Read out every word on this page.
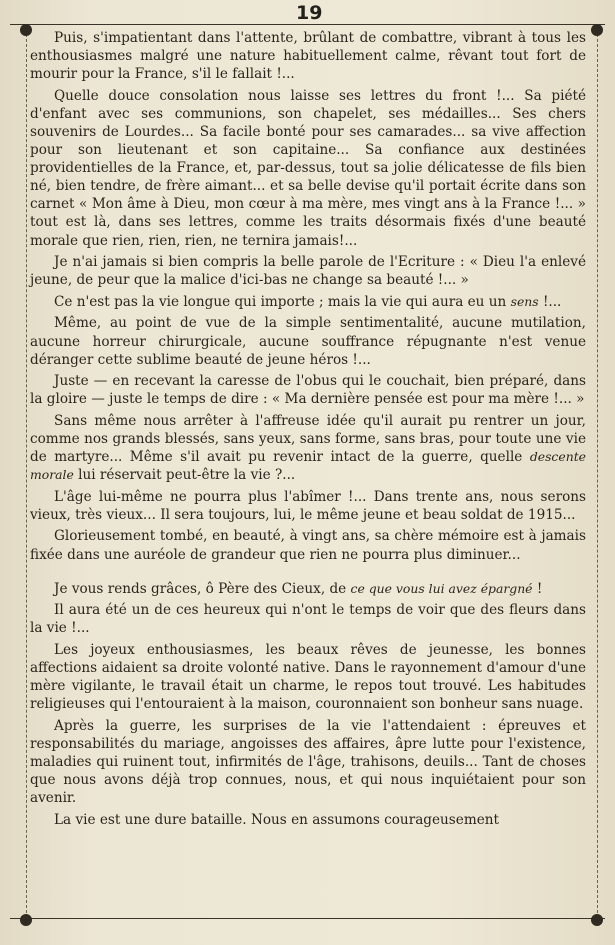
19

Puis, s'impatientant dans l'attente, brûlant de combattre, vibrant à tous les enthousiasmes malgré une nature habituellement calme, rêvant tout fort de mourir pour la France, s'il le fallait !...

Quelle douce consolation nous laisse ses lettres du front !... Sa piété d'enfant avec ses communions, son chapelet, ses médailles... Ses chers souvenirs de Lourdes... Sa facile bonté pour ses camarades... sa vive affection pour son lieutenant et son capitaine... Sa confiance aux destinées providentielles de la France, et, par-dessus, tout sa jolie délicatesse de fils bien né, bien tendre, de frère aimant... et sa belle devise qu'il portait écrite dans son carnet « Mon âme à Dieu, mon cœur à ma mère, mes vingt ans à la France !... » tout est là, dans ses lettres, comme les traits désormais fixés d'une beauté morale que rien, rien, rien, ne ternira jamais!...

Je n'ai jamais si bien compris la belle parole de l'Ecriture : « Dieu l'a enlevé jeune, de peur que la malice d'ici-bas ne change sa beauté !... »

Ce n'est pas la vie longue qui importe ; mais la vie qui aura eu un sens !...

Même, au point de vue de la simple sentimentalité, aucune mutilation, aucune horreur chirurgicale, aucune souffrance répugnante n'est venue déranger cette sublime beauté de jeune héros !...

Juste — en recevant la caresse de l'obus qui le couchait, bien préparé, dans la gloire — juste le temps de dire : « Ma dernière pensée est pour ma mère !... »

Sans même nous arrêter à l'affreuse idée qu'il aurait pu rentrer un jour, comme nos grands blessés, sans yeux, sans forme, sans bras, pour toute une vie de martyre... Même s'il avait pu revenir intact de la guerre, quelle descente morale lui réservait peut-être la vie ?...

L'âge lui-même ne pourra plus l'abîmer !... Dans trente ans, nous serons vieux, très vieux... Il sera toujours, lui, le même jeune et beau soldat de 1915...

Glorieusement tombé, en beauté, à vingt ans, sa chère mémoire est à jamais fixée dans une auréole de grandeur que rien ne pourra plus diminuer...

Je vous rends grâces, ô Père des Cieux, de ce que vous lui avez épargné !

Il aura été un de ces heureux qui n'ont le temps de voir que des fleurs dans la vie !...

Les joyeux enthousiasmes, les beaux rêves de jeunesse, les bonnes affections aidaient sa droite volonté native. Dans le rayonnement d'amour d'une mère vigilante, le travail était un charme, le repos tout trouvé. Les habitudes religieuses qui l'entouraient à la maison, couronnaient son bonheur sans nuage.

Après la guerre, les surprises de la vie l'attendaient : épreuves et responsabilités du mariage, angoisses des affaires, âpre lutte pour l'existence, maladies qui ruinent tout, infirmités de l'âge, trahisons, deuils... Tant de choses que nous avons déjà trop connues, nous, et qui nous inquiétaient pour son avenir.

La vie est une dure bataille. Nous en assumons courageusement
